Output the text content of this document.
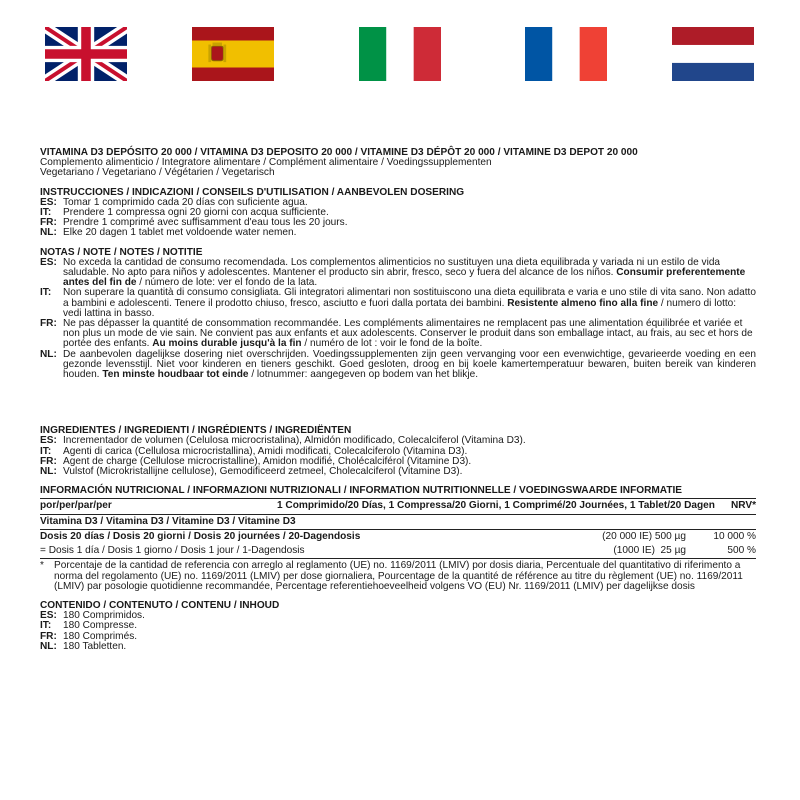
VITAMINA D3 DEPÓSITO 20 000 / VITAMINA D3 DEPOSITO 20 000 / VITAMINE D3 DÉPÔT 20 000 / VITAMINE D3 DEPOT 20 000
Complemento alimenticio / Integratore alimentare / Complément alimentaire / Voedingssupplementen
Vegetariano / Vegetariano / Végétarien / Vegetarisch
INSTRUCCIONES / INDICAZIONI / CONSEILS D'UTILISATION / AANBEVOLEN DOSERING
ES: Tomar 1 comprimido cada 20 días con suficiente agua.
IT:	Prendere 1 compressa ogni 20 giorni con acqua sufficiente.
FR: Prendre 1 comprimé avec suffisamment d'eau tous les 20 jours.
NL: Elke 20 dagen 1 tablet met voldoende water nemen.
NOTAS / NOTE / NOTES / NOTITIE
ES: No exceda la cantidad de consumo recomendada. Los complementos alimenticios no sustituyen una dieta equilibrada y variada ni un estilo de vida saludable. No apto para niños y adolescentes. Mantener el producto sin abrir, fresco, seco y fuera del alcance de los niños. Consumir preferentemente antes del fin de / número de lote: ver el fondo de la lata.
IT:	Non superare la quantità di consumo consigliata. Gli integratori alimentari non sostituiscono una dieta equilibrata e varia e uno stile di vita sano. Non adatto a bambini e adolescenti. Tenere il prodotto chiuso, fresco, asciutto e fuori dalla portata dei bambini. Resistente almeno fino alla fine / numero di lotto: vedi lattina in basso.
FR: Ne pas dépasser la quantité de consommation recommandée. Les compléments alimentaires ne remplacent pas une alimentation équilibrée et variée et non plus un mode de vie sain. Ne convient pas aux enfants et aux adolescents. Conserver le produit dans son emballage intact, au frais, au sec et hors de portée des enfants. Au moins durable jusqu'à la fin / numéro de lot : voir le fond de la boîte.
NL: De aanbevolen dagelijkse dosering niet overschrijden. Voedingssupplementen zijn geen vervanging voor een evenwichtige, gevarieerde voeding en een gezonde levensstijl. Niet voor kinderen en tieners geschikt. Goed gesloten, droog en bij koele kamertemperatuur bewaren, buiten bereik van kinderen houden. Ten minste houdbaar tot einde / lotnummer: aangegeven op bodem van het blikje.
INGREDIENTES / INGREDIENTI / INGRÉDIENTS / INGREDIËNTEN
ES: Incrementador de volumen (Celulosa microcristalina), Almidón modificado, Colecalciferol (Vitamina D3).
IT:	Agenti di carica (Cellulosa microcristallina), Amidi modificati, Colecalciferolo (Vitamina D3).
FR: Agent de charge (Cellulose microcristalline), Amidon modifié, Cholécalciférol (Vitamine D3).
NL: Vulstof (Microkristallijne cellulose), Gemodificeerd zetmeel, Cholecalciferol (Vitamine D3).
INFORMACIÓN NUTRICIONAL / INFORMAZIONI NUTRIZIONALI / INFORMATION NUTRITIONNELLE / VOEDINGSWAARDE INFORMATIE
por/per/par/per	1 Comprimido/20 Días, 1 Compressa/20 Giorni, 1 Comprimé/20 Journées, 1 Tablet/20 Dagen	NRV*
Vitamina D3 / Vitamina D3 / Vitamine D3 / Vitamine D3
Dosis 20 días / Dosis 20 giorni / Dosis 20 journées / 20-Dagendosis	(20 000 IE) 500 µg	10 000 %
= Dosis 1 día / Dosis 1 giorno / Dosis 1 jour / 1-Dagendosis	(1000 IE)  25 µg	500 %
* Porcentaje de la cantidad de referencia con arreglo al reglamento (UE) no. 1169/2011 (LMIV) por dosis diaria, Percentuale del quantitativo di riferimento a norma del regolamento (UE) no. 1169/2011 (LMIV) per dose giornaliera, Pourcentage de la quantité de référence au titre du règlement (UE) no. 1169/2011 (LMIV) par posologie quotidienne recommandée, Percentage referentiehoeveelheid volgens VO (EU) Nr. 1169/2011 (LMIV) per dagelijkse dosis
CONTENIDO / CONTENUTO / CONTENU / INHOUD
ES: 180 Comprimidos.
IT:	180 Compresse.
FR: 180 Comprimés.
NL: 180 Tabletten.
